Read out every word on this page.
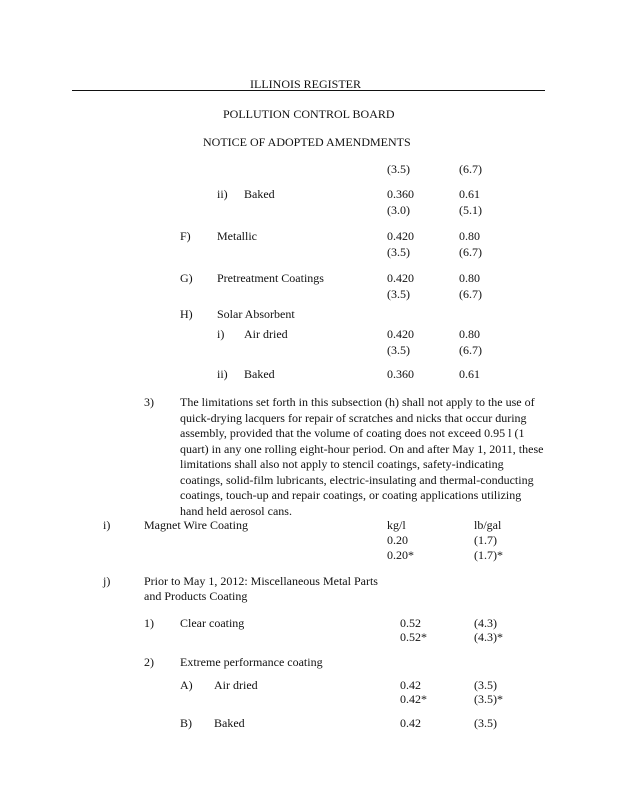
ILLINOIS REGISTER
POLLUTION CONTROL BOARD
NOTICE OF ADOPTED AMENDMENTS
(3.5)	(6.7)
ii) Baked	0.360	0.61
(3.0)	(5.1)
F) Metallic	0.420	0.80
(3.5)	(6.7)
G) Pretreatment Coatings	0.420	0.80
(3.5)	(6.7)
H) Solar Absorbent
i) Air dried	0.420	0.80
(3.5)	(6.7)
ii) Baked	0.360	0.61
3) The limitations set forth in this subsection (h) shall not apply to the use of quick-drying lacquers for repair of scratches and nicks that occur during assembly, provided that the volume of coating does not exceed 0.95 l (1 quart) in any one rolling eight-hour period. On and after May 1, 2011, these limitations shall also not apply to stencil coatings, safety-indicating coatings, solid-film lubricants, electric-insulating and thermal-conducting coatings, touch-up and repair coatings, or coating applications utilizing hand held aerosol cans.
i)	Magnet Wire Coating	kg/l	lb/gal
0.20	(1.7)
0.20*	(1.7)*
j)	Prior to May 1, 2012: Miscellaneous Metal Parts
and Products Coating
1) Clear coating	0.52	(4.3)
0.52*	(4.3)*
2) Extreme performance coating
A) Air dried	0.42	(3.5)
0.42*	(3.5)*
B) Baked	0.42	(3.5)
